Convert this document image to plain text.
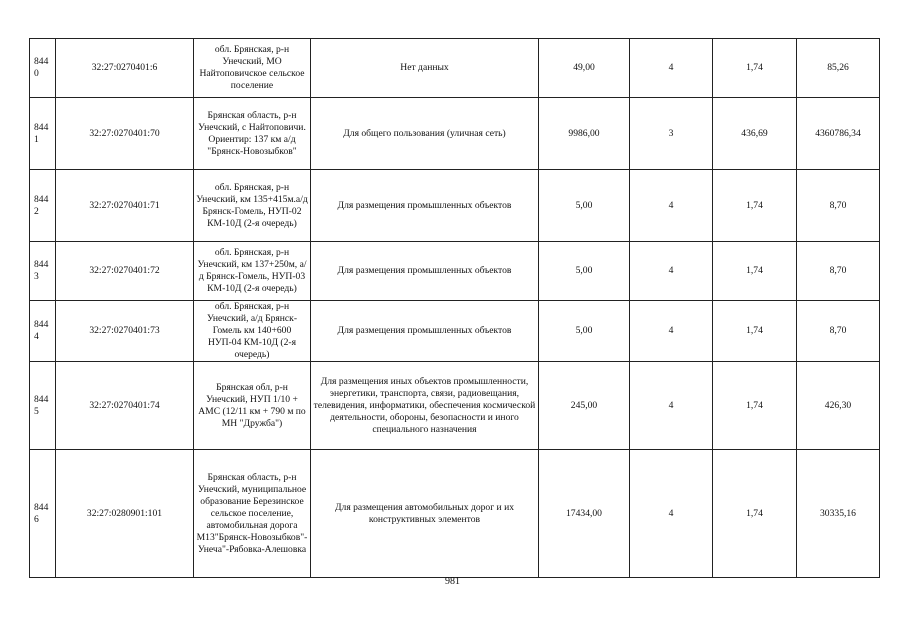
8440	32:27:0270401:6	обл. Брянская, р-н Унечский, МО Найтоповичское сельское поселение	Нет данных	49,00	4	1,74	85,26
8441	32:27:0270401:70	Брянская область, р-н Унечский, с Найтоповичи. Ориентир: 137 км а/д "Брянск-Новозыбков"	Для общего пользования (уличная сеть)	9986,00	3	436,69	4360786,34
8442	32:27:0270401:71	обл. Брянская, р-н Унечский, км 135+415м.а/д Брянск-Гомель, НУП-02 КМ-10Д (2-я очередь)	Для размещения промышленных объектов	5,00	4	1,74	8,70
8443	32:27:0270401:72	обл. Брянская, р-н Унечский, км 137+250м, а/д Брянск-Гомель, НУП-03 КМ-10Д (2-я очередь)	Для размещения промышленных объектов	5,00	4	1,74	8,70
8444	32:27:0270401:73	обл. Брянская, р-н Унечский, а/д Брянск-Гомель км 140+600 НУП-04 КМ-10Д (2-я очередь)	Для размещения промышленных объектов	5,00	4	1,74	8,70
8445	32:27:0270401:74	Брянская обл, р-н Унечский, НУП 1/10 + АМС (12/11 км + 790 м по МН "Дружба")	Для размещения иных объектов промышленности, энергетики, транспорта, связи, радиовещания, телевидения, информатики, обеспечения космической деятельности, обороны, безопасности и иного специального назначения	245,00	4	1,74	426,30
8446	32:27:0280901:101	Брянская область, р-н Унечский, муниципальное образование Березинское сельское поселение, автомобильная дорога М13"Брянск-Новозыбков"-Унеча"-Рябовка-Алешовка	Для размещения автомобильных дорог и их конструктивных элементов	17434,00	4	1,74	30335,16
981
